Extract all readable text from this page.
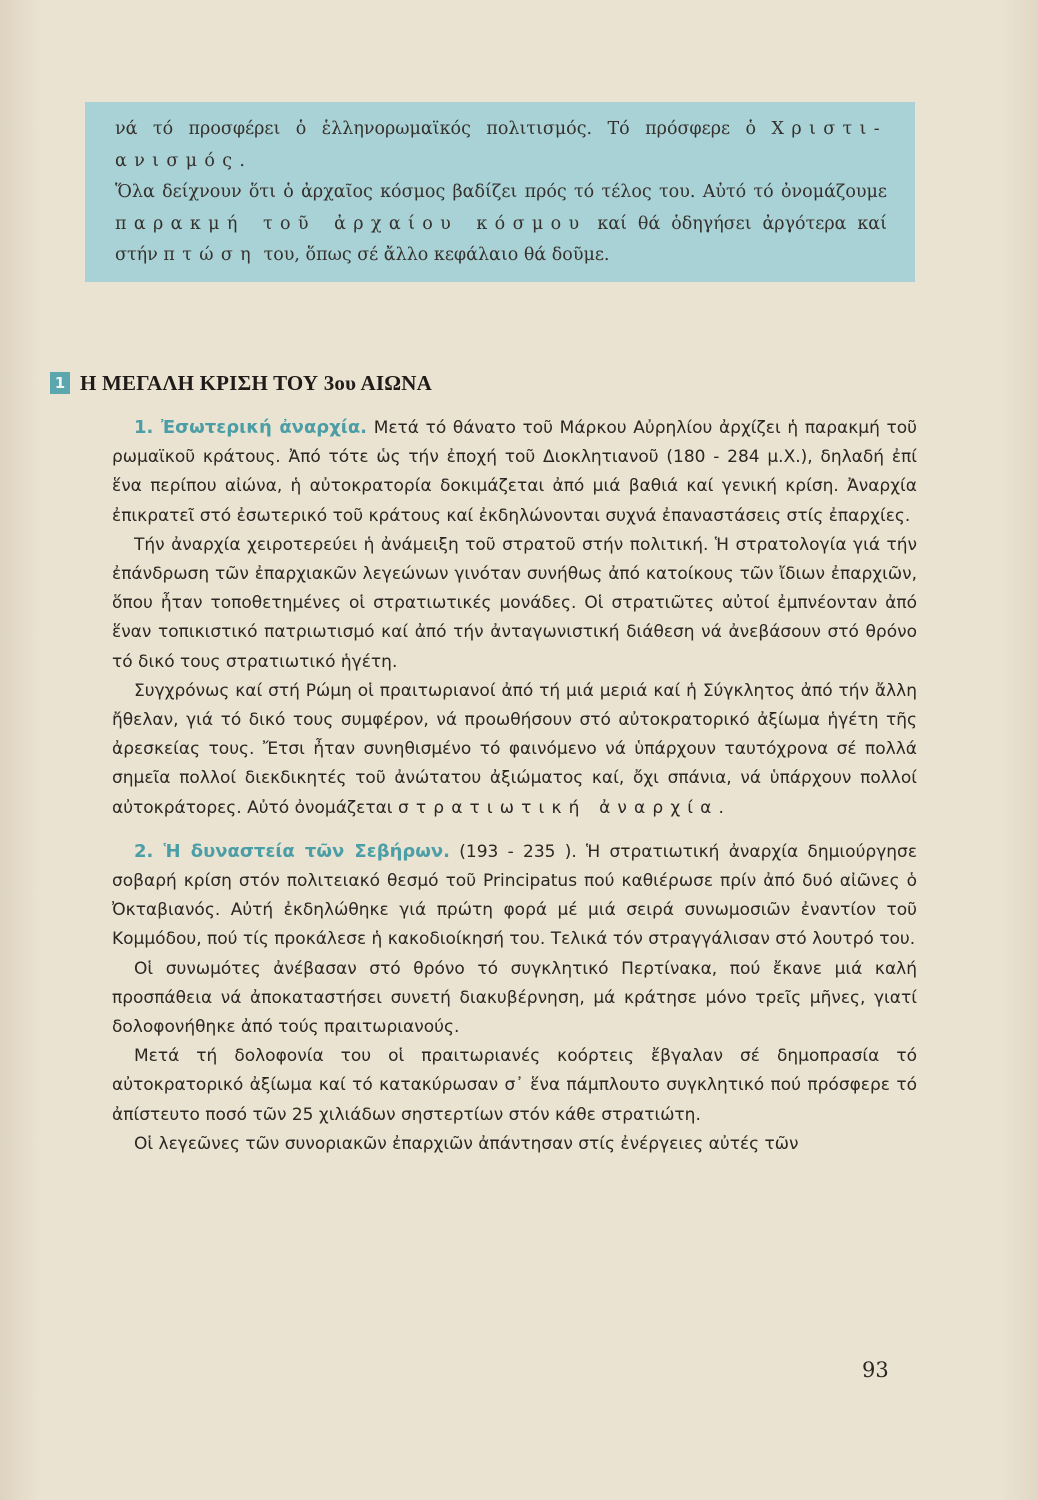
νά τό προσφέρει ὁ ἑλληνορωμαϊκός πολιτισμός. Τό πρόσφερε ὁ Χριστι-ανισμός.

Ὅλα δείχνουν ὅτι ὁ ἀρχαῖος κόσμος βαδίζει πρός τό τέλος του. Αὐτό τό ὀνομάζουμε παρακμή τοῦ ἀρχαίου κόσμου καί θά ὁδηγήσει ἀργότερα καί στήν πτώση του, ὅπως σέ ἄλλο κεφάλαιο θά δοῦμε.

1 Η ΜΕΓΑΛΗ ΚΡΙΣΗ ΤΟΥ 3ου ΑΙΩΝΑ

1. Ἐσωτερική ἀναρχία. Μετά τό θάνατο τοῦ Μάρκου Αὐρηλίου ἀρχίζει ἡ παρακμή τοῦ ρωμαϊκοῦ κράτους. Ἀπό τότε ὡς τήν ἐποχή τοῦ Διοκλητιανοῦ (180 - 284 μ.Χ.), δηλαδή ἐπί ἕνα περίπου αἰώνα, ἡ αὐτοκρατορία δοκιμάζεται ἀπό μιά βαθιά καί γενική κρίση. Ἀναρχία ἐπικρατεῖ στό ἐσωτερικό τοῦ κράτους καί ἐκδηλώνονται συχνά ἐπαναστάσεις στίς ἐπαρχίες.

Τήν ἀναρχία χειροτερεύει ἡ ἀνάμειξη τοῦ στρατοῦ στήν πολιτική. Ἡ στρατολογία γιά τήν ἐπάνδρωση τῶν ἐπαρχιακῶν λεγεώνων γινόταν συνήθως ἀπό κατοίκους τῶν ἴδιων ἐπαρχιῶν, ὅπου ἦταν τοποθετημένες οἱ στρατιωτικές μονάδες. Οἱ στρατιῶτες αὐτοί ἐμπνέονταν ἀπό ἕναν τοπικιστικό πατριωτισμό καί ἀπό τήν ἀνταγωνιστική διάθεση νά ἀνεβάσουν στό θρόνο τό δικό τους στρατιωτικό ἡγέτη.

Συγχρόνως καί στή Ρώμη οἱ πραιτωριανοί ἀπό τή μιά μεριά καί ἡ Σύγκλητος ἀπό τήν ἄλλη ἤθελαν, γιά τό δικό τους συμφέρον, νά προωθήσουν στό αὐτοκρατορικό ἀξίωμα ἡγέτη τῆς ἀρεσκείας τους. Ἔτσι ἦταν συνηθισμένο τό φαινόμενο νά ὑπάρχουν ταυτόχρονα σέ πολλά σημεῖα πολλοί διεκδικητές τοῦ ἀνώτατου ἀξιώματος καί, ὄχι σπάνια, νά ὑπάρχουν πολλοί αὐτοκράτορες. Αὐτό ὀνομάζεται στρατιωτική ἀναρχία.

2. Ἡ δυναστεία τῶν Σεβήρων. (193 - 235 ). Ἡ στρατιωτική ἀναρχία δημιούργησε σοβαρή κρίση στόν πολιτειακό θεσμό τοῦ Principatus πού καθιέρωσε πρίν ἀπό δυό αἰῶνες ὁ Ὀκταβιανός. Αὐτή ἐκδηλώθηκε γιά πρώτη φορά μέ μιά σειρά συνωμοσιῶν ἐναντίον τοῦ Κομμόδου, πού τίς προκάλεσε ἡ κακοδιοίκησή του. Τελικά τόν στραγγάλισαν στό λουτρό του.

Οἱ συνωμότες ἀνέβασαν στό θρόνο τό συγκλητικό Περτίνακα, πού ἔκανε μιά καλή προσπάθεια νά ἀποκαταστήσει συνετή διακυβέρνηση, μά κράτησε μόνο τρεῖς μῆνες, γιατί δολοφονήθηκε ἀπό τούς πραιτωριανούς.

Μετά τή δολοφονία του οἱ πραιτωριανές κοόρτεις ἔβγαλαν σέ δημοπρασία τό αὐτοκρατορικό ἀξίωμα καί τό κατακύρωσαν σ᾿ ἕνα πάμπλουτο συγκλητικό πού πρόσφερε τό ἀπίστευτο ποσό τῶν 25 χιλιάδων σηστερτίων στόν κάθε στρατιώτη.

Οἱ λεγεῶνες τῶν συνοριακῶν ἐπαρχιῶν ἀπάντησαν στίς ἐνέργειες αὐτές τῶν

93
